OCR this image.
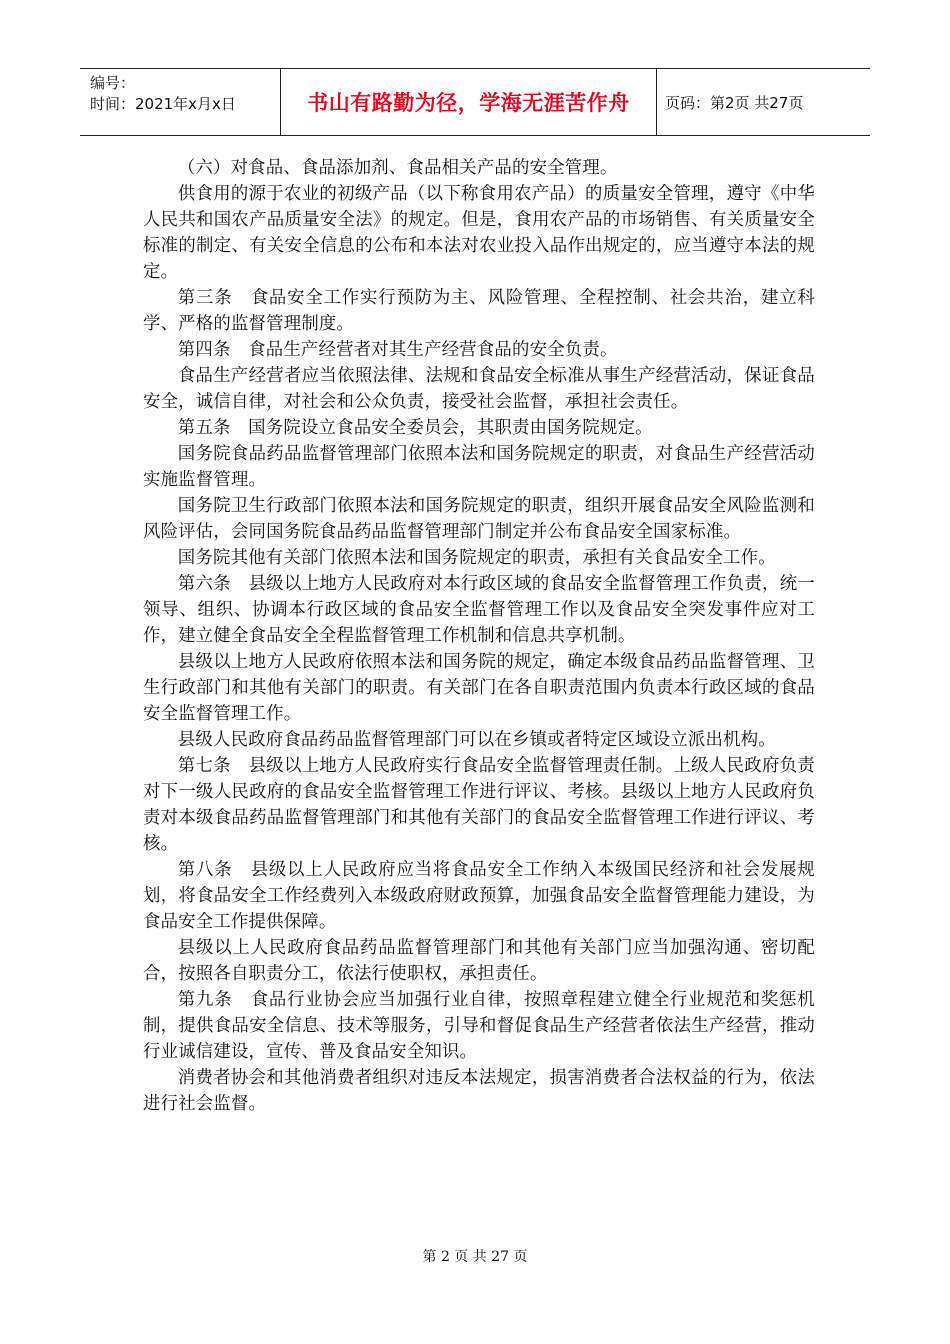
编号：
时间：2021年x月x日	书山有路勤为径，学海无涯苦作舟 页码：第2页 共27页

（六）对食品、食品添加剂、食品相关产品的安全管理。

供食用的源于农业的初级产品（以下称食用农产品）的质量安全管理，遵守《中华人民共和国农产品质量安全法》的规定。但是，食用农产品的市场销售、有关质量安全标准的制定、有关安全信息的公布和本法对农业投入品作出规定的，应当遵守本法的规定。

第三条　食品安全工作实行预防为主、风险管理、全程控制、社会共治，建立科学、严格的监督管理制度。

第四条　食品生产经营者对其生产经营食品的安全负责。

食品生产经营者应当依照法律、法规和食品安全标准从事生产经营活动，保证食品安全，诚信自律，对社会和公众负责，接受社会监督，承担社会责任。

第五条　国务院设立食品安全委员会，其职责由国务院规定。

国务院食品药品监督管理部门依照本法和国务院规定的职责，对食品生产经营活动实施监督管理。

国务院卫生行政部门依照本法和国务院规定的职责，组织开展食品安全风险监测和风险评估，会同国务院食品药品监督管理部门制定并公布食品安全国家标准。

国务院其他有关部门依照本法和国务院规定的职责，承担有关食品安全工作。

第六条　县级以上地方人民政府对本行政区域的食品安全监督管理工作负责，统一领导、组织、协调本行政区域的食品安全监督管理工作以及食品安全突发事件应对工作，建立健全食品安全全程监督管理工作机制和信息共享机制。

县级以上地方人民政府依照本法和国务院的规定，确定本级食品药品监督管理、卫生行政部门和其他有关部门的职责。有关部门在各自职责范围内负责本行政区域的食品安全监督管理工作。

县级人民政府食品药品监督管理部门可以在乡镇或者特定区域设立派出机构。

第七条　县级以上地方人民政府实行食品安全监督管理责任制。上级人民政府负责对下一级人民政府的食品安全监督管理工作进行评议、考核。县级以上地方人民政府负责对本级食品药品监督管理部门和其他有关部门的食品安全监督管理工作进行评议、考核。

第八条　县级以上人民政府应当将食品安全工作纳入本级国民经济和社会发展规划，将食品安全工作经费列入本级政府财政预算，加强食品安全监督管理能力建设，为食品安全工作提供保障。

县级以上人民政府食品药品监督管理部门和其他有关部门应当加强沟通、密切配合，按照各自职责分工，依法行使职权，承担责任。

第九条　食品行业协会应当加强行业自律，按照章程建立健全行业规范和奖惩机制，提供食品安全信息、技术等服务，引导和督促食品生产经营者依法生产经营，推动行业诚信建设，宣传、普及食品安全知识。

消费者协会和其他消费者组织对违反本法规定，损害消费者合法权益的行为，依法进行社会监督。

第 2 页 共 27 页
